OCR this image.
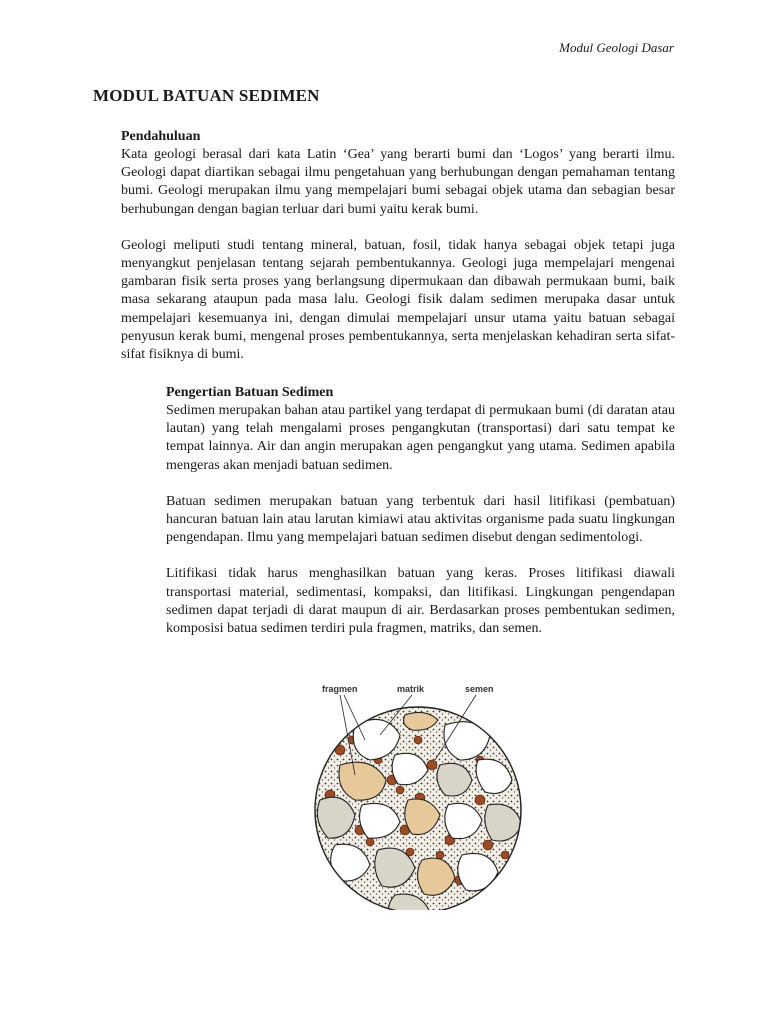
Modul Geologi Dasar
MODUL BATUAN SEDIMEN
Pendahuluan

Kata geologi berasal dari kata Latin ‘Gea’ yang berarti bumi dan ‘Logos’ yang berarti ilmu. Geologi dapat diartikan sebagai ilmu pengetahuan yang berhubungan dengan pemahaman tentang bumi. Geologi merupakan ilmu yang mempelajari bumi sebagai objek utama dan sebagian besar berhubungan dengan bagian terluar dari bumi yaitu kerak bumi.

Geologi meliputi studi tentang mineral, batuan, fosil, tidak hanya sebagai objek tetapi juga menyangkut penjelasan tentang sejarah pembentukannya. Geologi juga mempelajari mengenai gambaran fisik serta proses yang berlangsung dipermukaan dan dibawah permukaan bumi, baik masa sekarang ataupun pada masa lalu. Geologi fisik dalam sedimen merupaka dasar untuk mempelajari kesemuanya ini, dengan dimulai mempelajari unsur utama yaitu batuan sebagai penyusun kerak bumi, mengenal proses pembentukannya, serta menjelaskan kehadiran serta sifat-sifat fisiknya di bumi.

Pengertian Batuan Sedimen

Sedimen merupakan bahan atau partikel yang terdapat di permukaan bumi (di daratan atau lautan) yang telah mengalami proses pengangkutan (transportasi) dari satu tempat ke tempat lainnya. Air dan angin merupakan agen pengangkut yang utama. Sedimen apabila mengeras akan menjadi batuan sedimen.

Batuan sedimen merupakan batuan yang terbentuk dari hasil litifikasi (pembatuan) hancuran batuan lain atau larutan kimiawi atau aktivitas organisme pada suatu lingkungan pengendapan. Ilmu yang mempelajari batuan sedimen disebut dengan sedimentologi.

Litifikasi tidak harus menghasilkan batuan yang keras. Proses litifikasi diawali transportasi material, sedimentasi, kompaksi, dan litifikasi. Lingkungan pengendapan sedimen dapat terjadi di darat maupun di air. Berdasarkan proses pembentukan sedimen, komposisi batua sedimen terdiri pula fragmen, matriks, dan semen.

fragmen	matrik	semen
